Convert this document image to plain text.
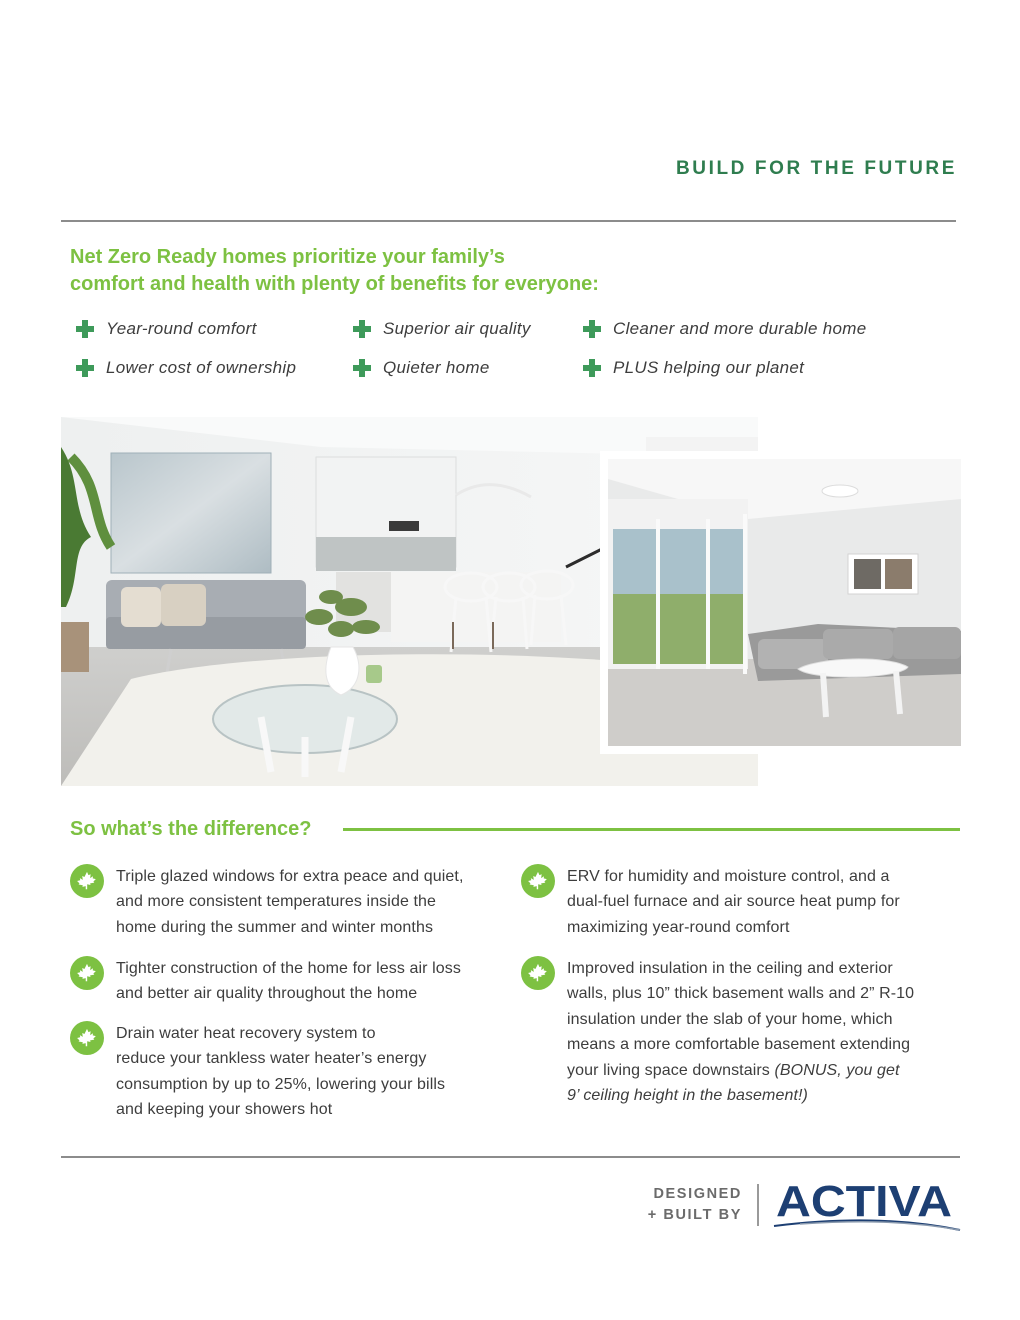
BUILD FOR THE FUTURE
Net Zero Ready homes prioritize your family’s
comfort and health with plenty of benefits for everyone:
Year-round comfort	Superior air quality	Cleaner and more durable home
Lower cost of ownership	Quieter home	PLUS helping our planet
So what’s the difference?
Triple glazed windows for extra peace and quiet,
and more consistent temperatures inside the
home during the summer and winter months
Tighter construction of the home for less air loss
and better air quality throughout the home
Drain water heat recovery system to
reduce your tankless water heater’s energy
consumption by up to 25%, lowering your bills
and keeping your showers hot
ERV for humidity and moisture control, and a
dual-fuel furnace and air source heat pump for
maximizing year-round comfort
Improved insulation in the ceiling and exterior
walls, plus 10” thick basement walls and 2” R-10
insulation under the slab of your home, which
means a more comfortable basement extending
your living space downstairs (BONUS, you get
9’ ceiling height in the basement!)
DESIGNED
+ BUILT BY ACTIVA
